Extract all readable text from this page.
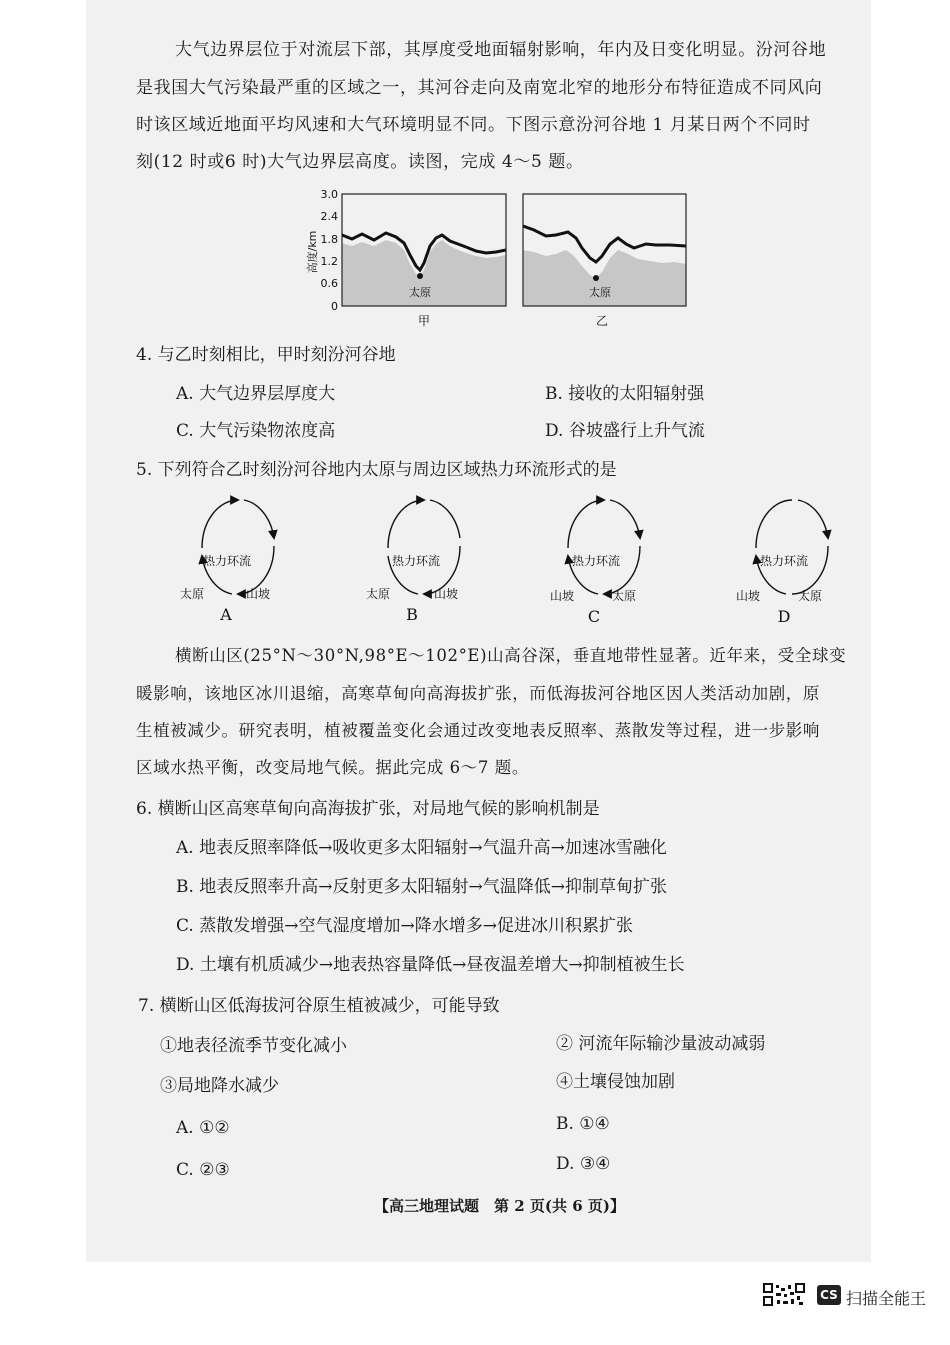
大气边界层位于对流层下部，其厚度受地面辐射影响，年内及日变化明显。汾河谷地
是我国大气污染最严重的区域之一，其河谷走向及南宽北窄的地形分布特征造成不同风向
时该区域近地面平均风速和大气环境明显不同。下图示意汾河谷地 1 月某日两个不同时
刻(12 时或6 时)大气边界层高度。读图，完成 4～5 题。
太原
甲
3.0
2.4
1.8
1.2
0.6
0
高度/km
太原
乙
4. 与乙时刻相比，甲时刻汾河谷地
A. 大气边界层厚度大	B. 接收的太阳辐射强
C. 大气污染物浓度高	D. 谷坡盛行上升气流
5. 下列符合乙时刻汾河谷地内太原与周边区域热力环流形式的是
热力环流
太原	山坡
A
热力环流
太原	山坡
B
热力环流
山坡	太原
C
热力环流
山坡	太原
D
横断山区(25°N～30°N,98°E～102°E)山高谷深，垂直地带性显著。近年来，受全球变
暖影响，该地区冰川退缩，高寒草甸向高海拔扩张，而低海拔河谷地区因人类活动加剧，原
生植被减少。研究表明，植被覆盖变化会通过改变地表反照率、蒸散发等过程，进一步影响
区域水热平衡，改变局地气候。据此完成 6～7 题。
6. 横断山区高寒草甸向高海拔扩张，对局地气候的影响机制是
A. 地表反照率降低→吸收更多太阳辐射→气温升高→加速冰雪融化
B. 地表反照率升高→反射更多太阳辐射→气温降低→抑制草甸扩张
C. 蒸散发增强→空气湿度增加→降水增多→促进冰川积累扩张
D. 土壤有机质减少→地表热容量降低→昼夜温差增大→抑制植被生长
7. 横断山区低海拔河谷原生植被减少，可能导致
①地表径流季节变化减小	② 河流年际输沙量波动减弱
③局地降水减少	④土壤侵蚀加剧
A. ①②	B. ①④
C. ②③	D. ③④
【高三地理试题　第 2 页(共 6 页)】
CS 扫描全能王
